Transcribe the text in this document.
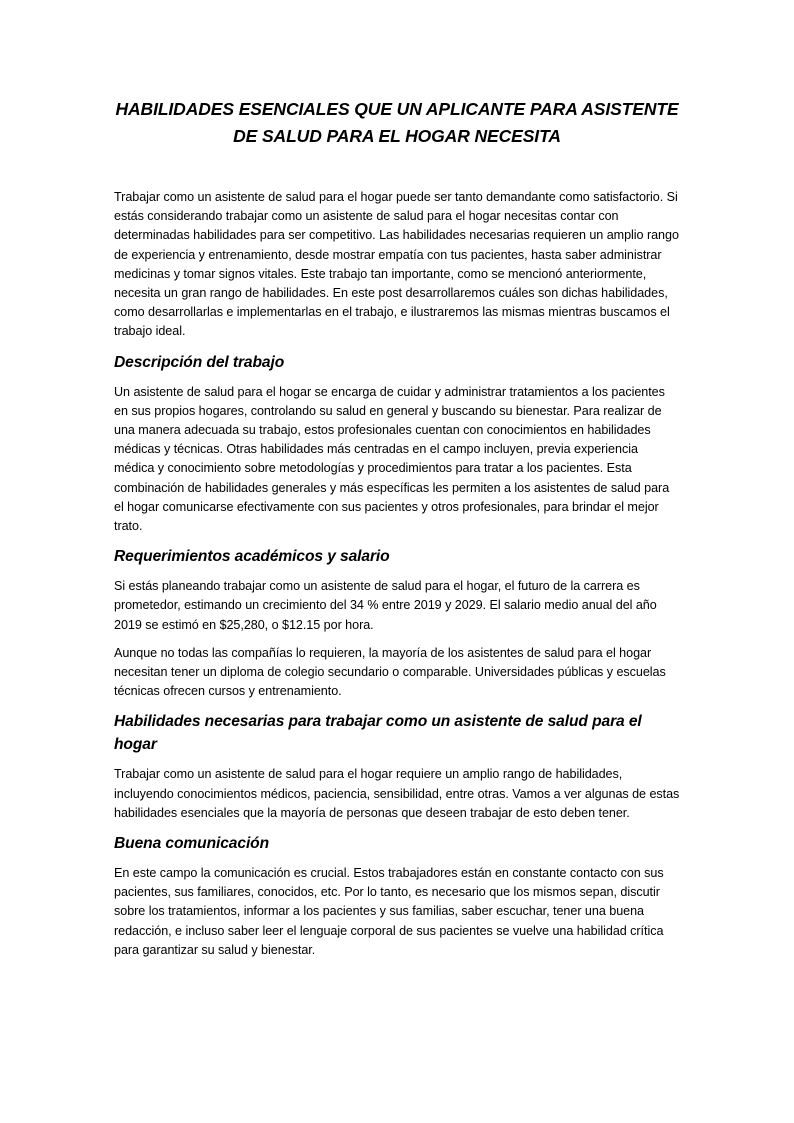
HABILIDADES ESENCIALES QUE UN APLICANTE PARA ASISTENTE DE SALUD PARA EL HOGAR NECESITA

Trabajar como un asistente de salud para el hogar puede ser tanto demandante como satisfactorio. Si estás considerando trabajar como un asistente de salud para el hogar necesitas contar con determinadas habilidades para ser competitivo. Las habilidades necesarias requieren un amplio rango de experiencia y entrenamiento, desde mostrar empatía con tus pacientes, hasta saber administrar medicinas y tomar signos vitales. Este trabajo tan importante, como se mencionó anteriormente, necesita un gran rango de habilidades. En este post desarrollaremos cuáles son dichas habilidades, como desarrollarlas e implementarlas en el trabajo, e ilustraremos las mismas mientras buscamos el trabajo ideal.

Descripción del trabajo

Un asistente de salud para el hogar se encarga de cuidar y administrar tratamientos a los pacientes en sus propios hogares, controlando su salud en general y buscando su bienestar. Para realizar de una manera adecuada su trabajo, estos profesionales cuentan con conocimientos en habilidades médicas y técnicas. Otras habilidades más centradas en el campo incluyen, previa experiencia médica y conocimiento sobre metodologías y procedimientos para tratar a los pacientes. Esta combinación de habilidades generales y más específicas les permiten a los asistentes de salud para el hogar comunicarse efectivamente con sus pacientes y otros profesionales, para brindar el mejor trato.

Requerimientos académicos y salario

Si estás planeando trabajar como un asistente de salud para el hogar, el futuro de la carrera es prometedor, estimando un crecimiento del 34 % entre 2019 y 2029. El salario medio anual del año 2019 se estimó en $25,280, o $12.15 por hora.

Aunque no todas las compañías lo requieren, la mayoría de los asistentes de salud para el hogar necesitan tener un diploma de colegio secundario o comparable. Universidades públicas y escuelas técnicas ofrecen cursos y entrenamiento.

Habilidades necesarias para trabajar como un asistente de salud para el hogar

Trabajar como un asistente de salud para el hogar requiere un amplio rango de habilidades, incluyendo conocimientos médicos, paciencia, sensibilidad, entre otras. Vamos a ver algunas de estas habilidades esenciales que la mayoría de personas que deseen trabajar de esto deben tener.

Buena comunicación

En este campo la comunicación es crucial. Estos trabajadores están en constante contacto con sus pacientes, sus familiares, conocidos, etc. Por lo tanto, es necesario que los mismos sepan, discutir sobre los tratamientos, informar a los pacientes y sus familias, saber escuchar, tener una buena redacción, e incluso saber leer el lenguaje corporal de sus pacientes se vuelve una habilidad crítica para garantizar su salud y bienestar.
